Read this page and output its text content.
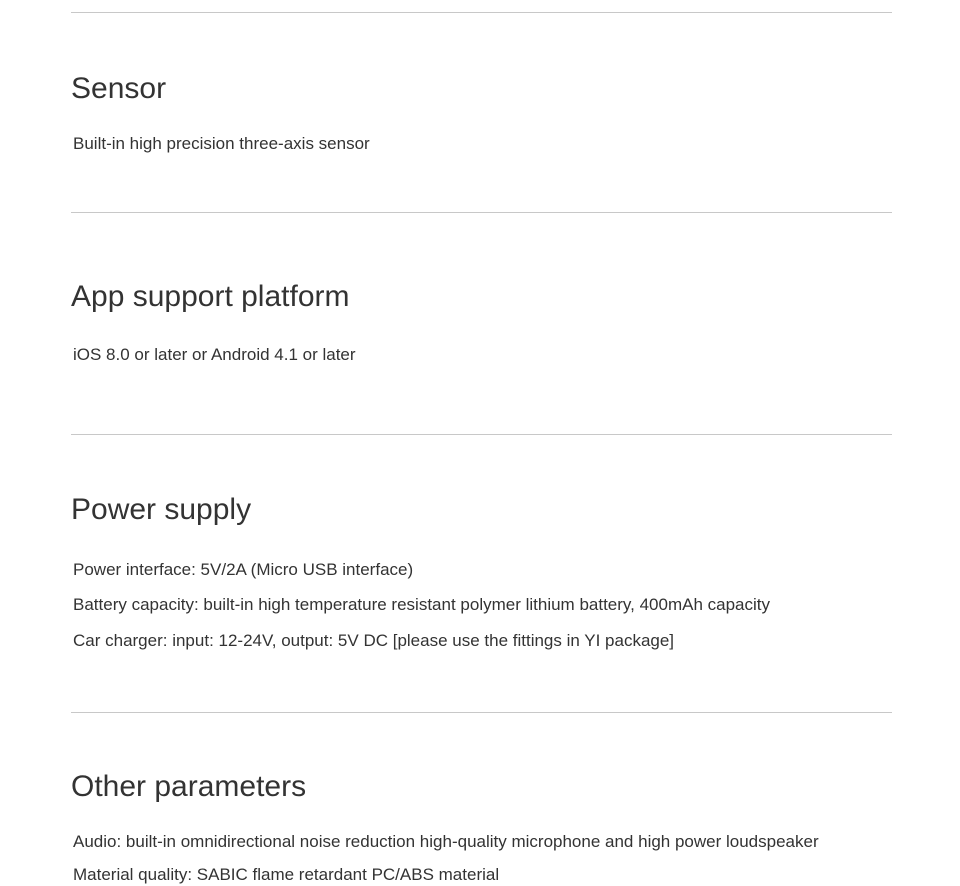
Sensor

Built-in high precision three-axis sensor

App support platform

iOS 8.0 or later or Android 4.1 or later

Power supply

Power interface: 5V/2A (Micro USB interface)

Battery capacity: built-in high temperature resistant polymer lithium battery, 400mAh capacity

Car charger: input: 12-24V, output: 5V DC [please use the fittings in YI package]

Other parameters

Audio: built-in omnidirectional noise reduction high-quality microphone and high power loudspeaker

Material quality: SABIC flame retardant PC/ABS material
